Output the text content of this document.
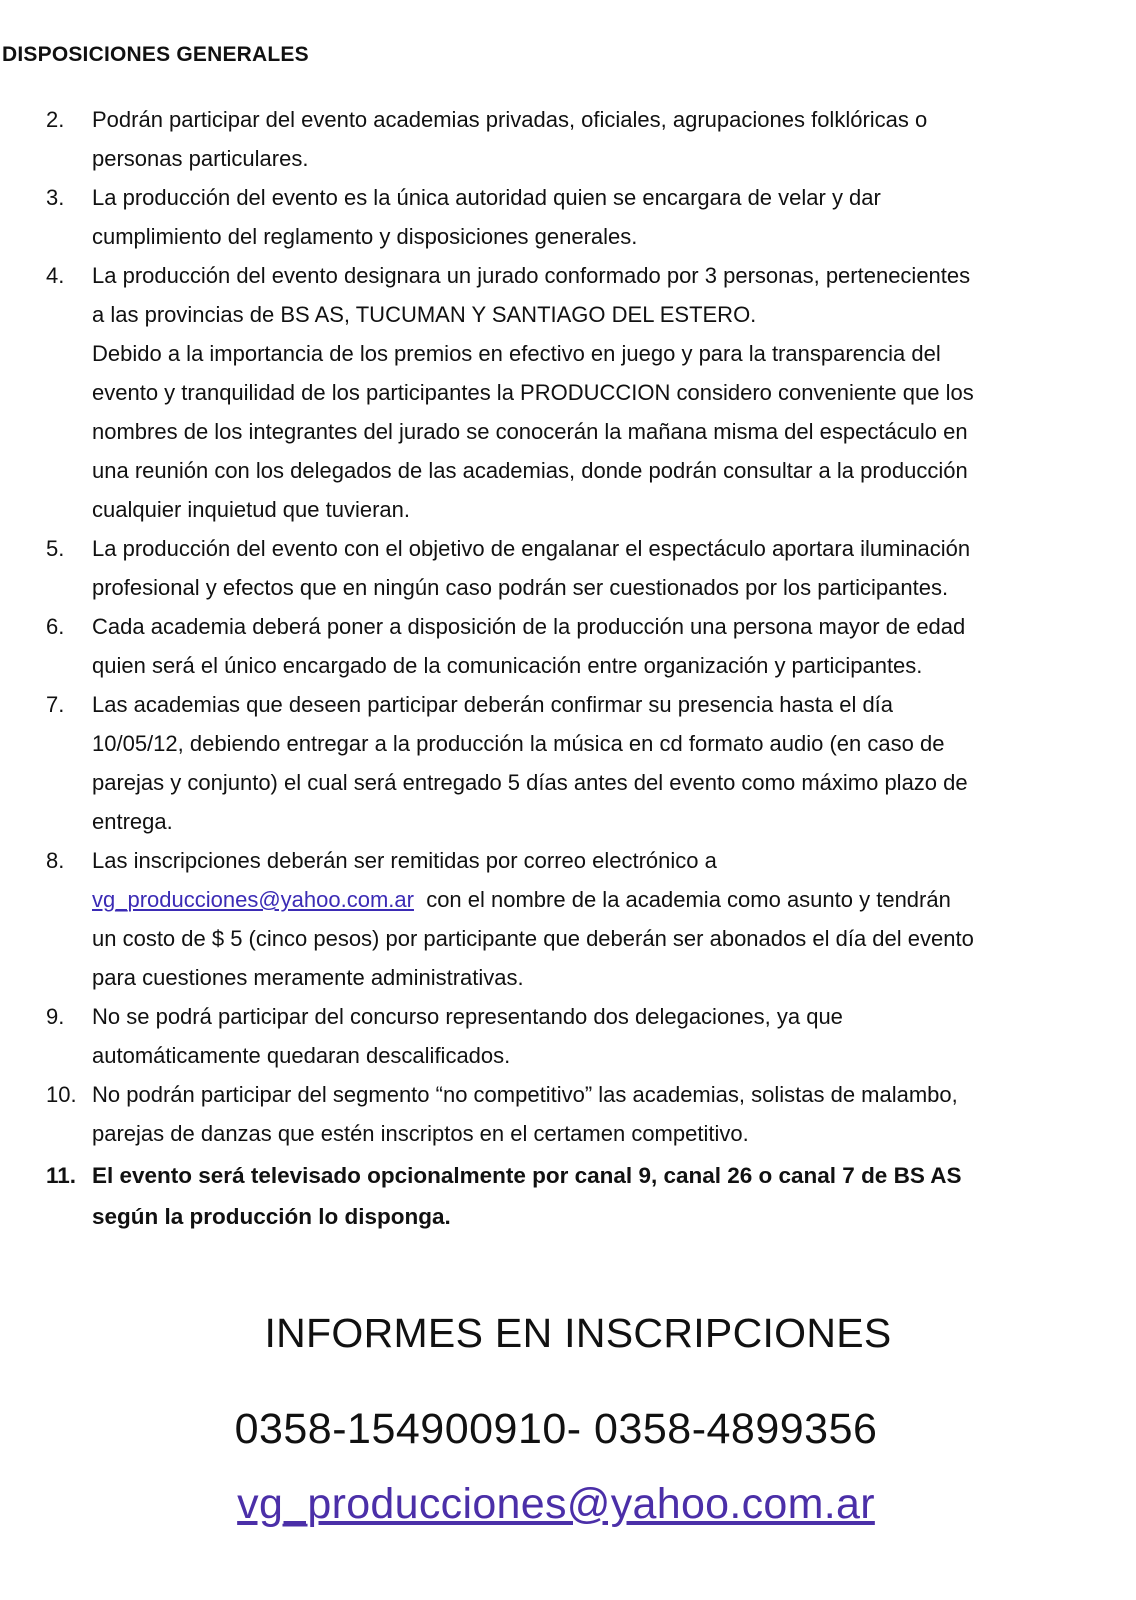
DISPOSICIONES GENERALES
2. Podrán participar del evento academias privadas, oficiales, agrupaciones folklóricas o
personas particulares.
3. La producción del evento es la única autoridad quien se encargara de velar y dar
cumplimiento del reglamento y disposiciones generales.
4. La producción del evento designara un jurado conformado por 3 personas, pertenecientes
a las provincias de BS AS, TUCUMAN Y SANTIAGO DEL ESTERO.
Debido a la importancia de los premios en efectivo en juego y para la transparencia del
evento y tranquilidad de los participantes la PRODUCCION considero conveniente que los
nombres de los integrantes del jurado se conocerán la mañana misma del espectáculo en
una reunión con los delegados de las academias, donde podrán consultar a la producción
cualquier inquietud que tuvieran.
5. La producción del evento con el objetivo de engalanar el espectáculo aportara iluminación
profesional y efectos que en ningún caso podrán ser cuestionados por los participantes.
6. Cada academia deberá poner a disposición de la producción una persona mayor de edad
quien será el único encargado de la comunicación entre organización y participantes.
7. Las academias que deseen participar deberán confirmar su presencia hasta el día
10/05/12, debiendo entregar a la producción la música en cd formato audio (en caso de
parejas y conjunto) el cual será entregado 5 días antes del evento como máximo plazo de
entrega.
8. Las inscripciones deberán ser remitidas por correo electrónico a
vg_producciones@yahoo.com.ar  con el nombre de la academia como asunto y tendrán
un costo de $ 5 (cinco pesos) por participante que deberán ser abonados el día del evento
para cuestiones meramente administrativas.
9. No se podrá participar del concurso representando dos delegaciones, ya que
automáticamente quedaran descalificados.
10. No podrán participar del segmento “no competitivo” las academias, solistas de malambo,
parejas de danzas que estén inscriptos en el certamen competitivo.
11. El evento será televisado opcionalmente por canal 9, canal 26 o canal 7 de BS AS
según la producción lo disponga.
INFORMES EN INSCRIPCIONES
0358-154900910- 0358-4899356
vg_producciones@yahoo.com.ar
